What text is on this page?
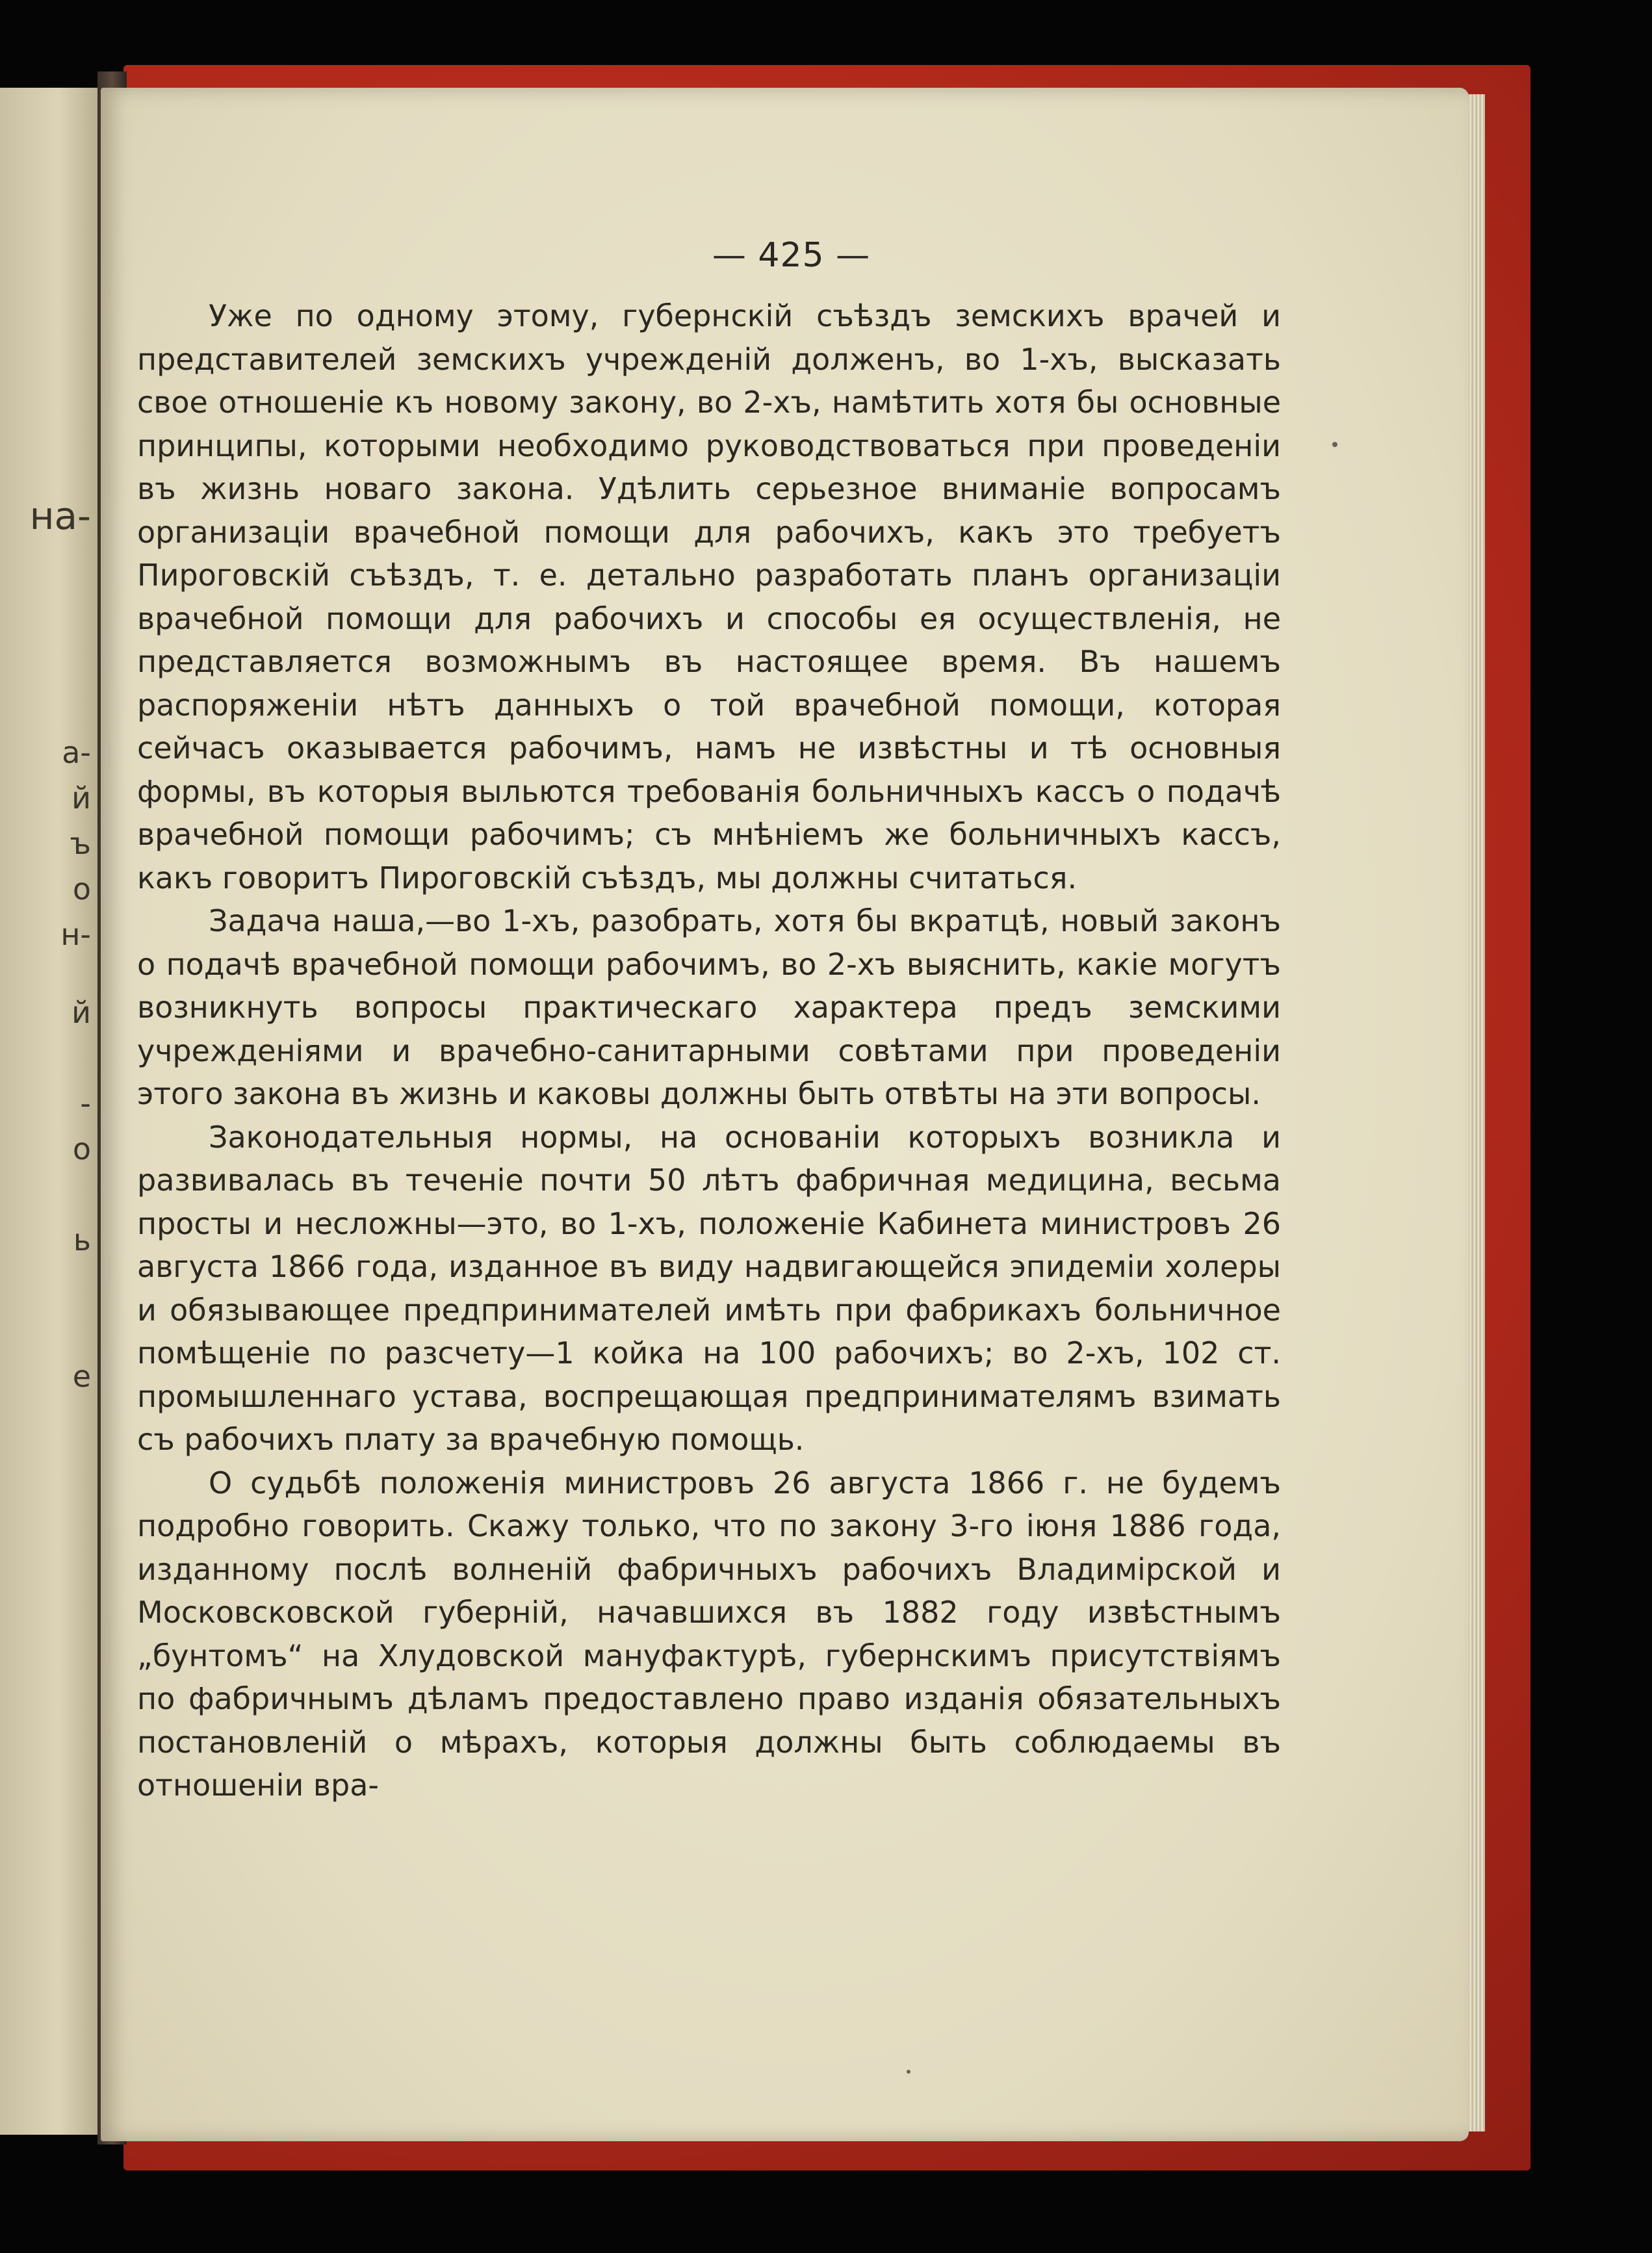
на-
а-
й
ъ
о
н-
й
-
о
ь
е
— 425 —

Уже по одному этому, губернскій съѣздъ земскихъ врачей и представителей земскихъ учрежденій долженъ, во 1-хъ, высказать свое отношеніе къ новому закону, во 2-хъ, намѣтить хотя бы основные принципы, которыми необходимо руководствоваться при проведеніи въ жизнь новаго закона. Удѣлить серьезное вниманіе вопросамъ организаціи врачебной помощи для рабочихъ, какъ это требуетъ Пироговскій съѣздъ, т. е. детально разработать планъ организаціи врачебной помощи для рабочихъ и способы ея осуществленія, не представляется возможнымъ въ настоящее время. Въ нашемъ распоряженіи нѣтъ данныхъ о той врачебной помощи, которая сейчасъ оказывается рабочимъ, намъ не извѣстны и тѣ основныя формы, въ которыя выльются требованія больничныхъ кассъ о подачѣ врачебной помощи рабочимъ; съ мнѣніемъ же больничныхъ кассъ, какъ говоритъ Пироговскій съѣздъ, мы должны считаться.

Задача наша,—во 1-хъ, разобрать, хотя бы вкратцѣ, новый законъ о подачѣ врачебной помощи рабочимъ, во 2-хъ выяснить, какіе могутъ возникнуть вопросы практическаго характера предъ земскими учрежденіями и врачебно-санитарными совѣтами при проведеніи этого закона въ жизнь и каковы должны быть отвѣты на эти вопросы.

Законодательныя нормы, на основаніи которыхъ возникла и развивалась въ теченіе почти 50 лѣтъ фабричная медицина, весьма просты и несложны—это, во 1-хъ, положеніе Кабинета министровъ 26 августа 1866 года, изданное въ виду надвигающейся эпидеміи холеры и обязывающее предпринимателей имѣть при фабрикахъ больничное помѣщеніе по разсчету—1 койка на 100 рабочихъ; во 2-хъ, 102 ст. промышленнаго устава, воспрещающая предпринимателямъ взимать съ рабочихъ плату за врачебную помощь.

О судьбѣ положенія министровъ 26 августа 1866 г. не будемъ подробно говорить. Скажу только, что по закону 3-го іюня 1886 года, изданному послѣ волненій фабричныхъ рабочихъ Владимірской и Московсковской губерній, начавшихся въ 1882 году извѣстнымъ „бунтомъ“ на Хлудовской мануфактурѣ, губернскимъ присутствіямъ по фабричнымъ дѣламъ предоставлено право изданія обязательныхъ постановленій о мѣрахъ, которыя должны быть соблюдаемы въ отношеніи вра-
